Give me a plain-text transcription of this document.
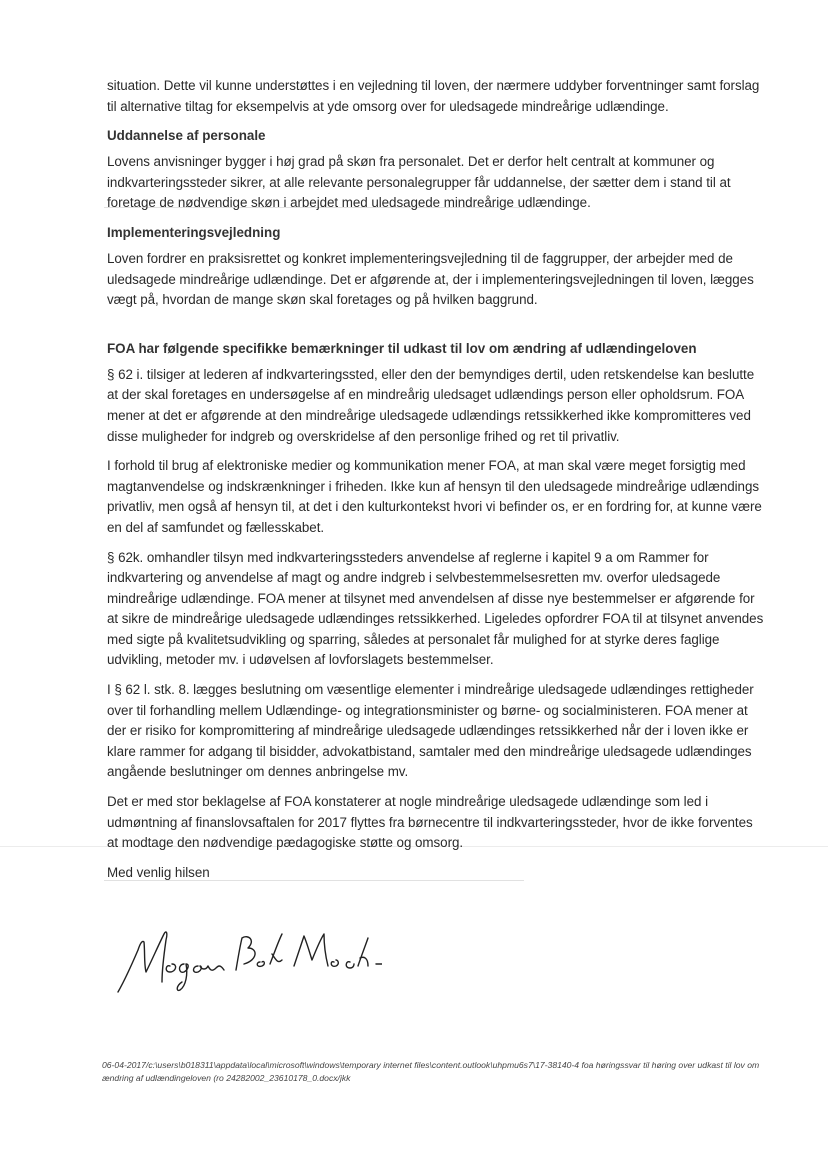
situation. Dette vil kunne understøttes i en vejledning til loven, der nærmere uddyber forventninger samt forslag til alternative tiltag for eksempelvis at yde omsorg over for uledsagede mindreårige udlændinge.

Uddannelse af personale

Lovens anvisninger bygger i høj grad på skøn fra personalet. Det er derfor helt centralt at kommuner og indkvarteringssteder sikrer, at alle relevante personalegrupper får uddannelse, der sætter dem i stand til at foretage de nødvendige skøn i arbejdet med uledsagede mindreårige udlændinge.

Implementeringsvejledning

Loven fordrer en praksisrettet og konkret implementeringsvejledning til de faggrupper, der arbejder med de uledsagede mindreårige udlændinge. Det er afgørende at, der i implementeringsvejledningen til loven, lægges vægt på, hvordan de mange skøn skal foretages og på hvilken baggrund.

FOA har følgende specifikke bemærkninger til udkast til lov om ændring af udlændingeloven

§ 62 i. tilsiger at lederen af indkvarteringssted, eller den der bemyndiges dertil, uden retskendelse kan beslutte at der skal foretages en undersøgelse af en mindreårig uledsaget udlændings person eller opholdsrum. FOA mener at det er afgørende at den mindreårige uledsagede udlændings retssikkerhed ikke kompromitteres ved disse muligheder for indgreb og overskridelse af den personlige frihed og ret til privatliv.

I forhold til brug af elektroniske medier og kommunikation mener FOA, at man skal være meget forsigtig med magtanvendelse og indskrænkninger i friheden. Ikke kun af hensyn til den uledsagede mindreårige udlændings privatliv, men også af hensyn til, at det i den kulturkontekst hvori vi befinder os, er en fordring for, at kunne være en del af samfundet og fællesskabet.

§ 62k. omhandler tilsyn med indkvarteringssteders anvendelse af reglerne i kapitel 9 a om Rammer for indkvartering og anvendelse af magt og andre indgreb i selvbestemmelsesretten mv. overfor uledsagede mindreårige udlændinge. FOA mener at tilsynet med anvendelsen af disse nye bestemmelser er afgørende for at sikre de mindreårige uledsagede udlændinges retssikkerhed. Ligeledes opfordrer FOA til at tilsynet anvendes med sigte på kvalitetsudvikling og sparring, således at personalet får mulighed for at styrke deres faglige udvikling, metoder mv. i udøvelsen af lovforslagets bestemmelser.

I § 62 l. stk. 8. lægges beslutning om væsentlige elementer i mindreårige uledsagede udlændinges rettigheder over til forhandling mellem Udlændinge- og integrationsminister og børne- og socialministeren. FOA mener at der er risiko for kompromittering af mindreårige uledsagede udlændinges retssikkerhed når der i loven ikke er klare rammer for adgang til bisidder, advokatbistand, samtaler med den mindreårige uledsagede udlændinges angående beslutninger om dennes anbringelse mv.

Det er med stor beklagelse af FOA konstaterer at nogle mindreårige uledsagede udlændinge som led i udmøntning af finanslovsaftalen for 2017 flyttes fra børnecentre til indkvarteringssteder, hvor de ikke forventes at modtage den nødvendige pædagogiske støtte og omsorg.

Med venlig hilsen

06-04-2017/c:\users\b018311\appdata\local\microsoft\windows\temporary internet files\content.outlook\uhpmu6s7\17-38140-4 foa høringssvar til høring over udkast til lov om ændring af udlændingeloven (ro 24282002_23610178_0.docx/jkk
